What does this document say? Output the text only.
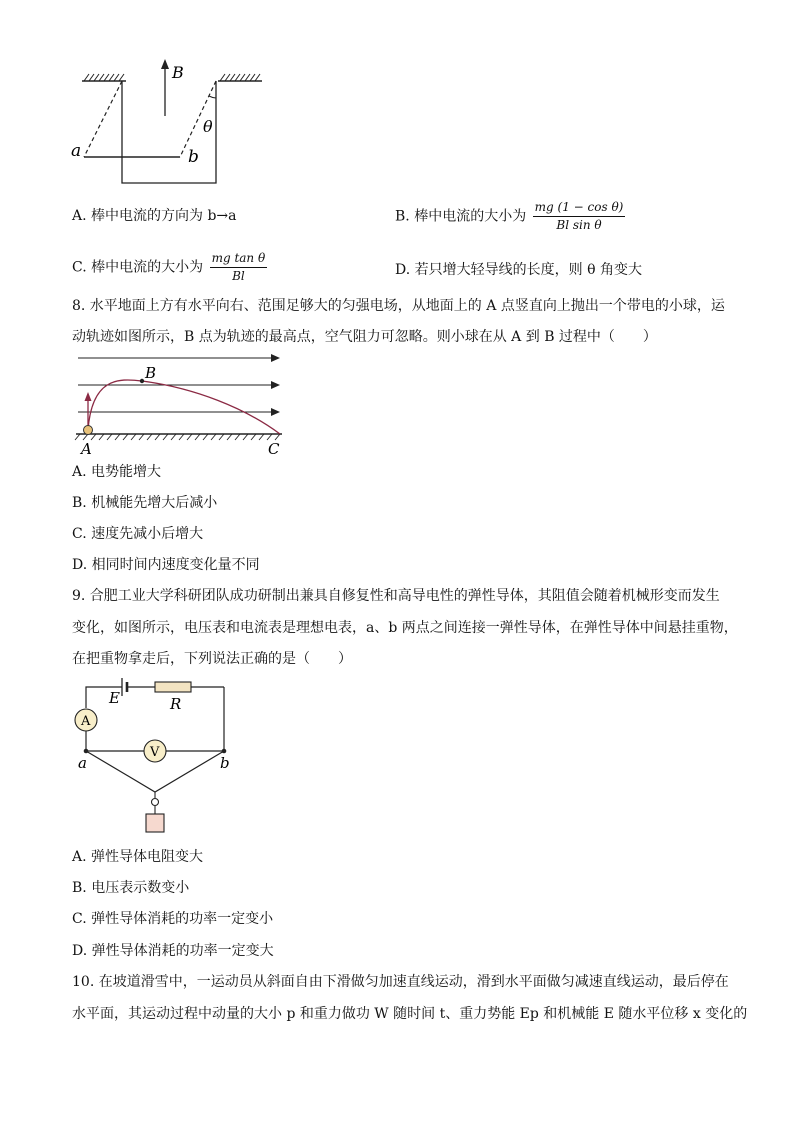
B
θ
a	b
A. 棒中电流的方向为 b→a	B. 棒中电流的大小为 $\frac{\text{mg (1 − cos θ)}}{\text{Bl sin θ}}$
C. 棒中电流的大小为 $\frac{\text{mg tan θ}}{Bl}$	D. 若只增大轻导线的长度，则 θ 角变大
8. 水平地面上方有水平向右、范围足够大的匀强电场，从地面上的 A 点竖直向上抛出一个带电的小球，运
动轨迹如图所示，B 点为轨迹的最高点，空气阻力可忽略。则小球在从 A 到 B 过程中（　　）
B
A	C
A. 电势能增大
B. 机械能先增大后减小
C. 速度先减小后增大
D. 相同时间内速度变化量不同
9. 合肥工业大学科研团队成功研制出兼具自修复性和高导电性的弹性导体，其阻值会随着机械形变而发生
变化，如图所示，电压表和电流表是理想电表，a、b 两点之间连接一弹性导体，在弹性导体中间悬挂重物，
在把重物拿走后，下列说法正确的是（　　）
E	R
A
V
a	b
A. 弹性导体电阻变大
B. 电压表示数变小
C. 弹性导体消耗的功率一定变小
D. 弹性导体消耗的功率一定变大
10. 在坡道滑雪中，一运动员从斜面自由下滑做匀加速直线运动，滑到水平面做匀减速直线运动，最后停在
水平面，其运动过程中动量的大小 p 和重力做功 W 随时间 t、重力势能 Ep 和机械能 E 随水平位移 x 变化的
